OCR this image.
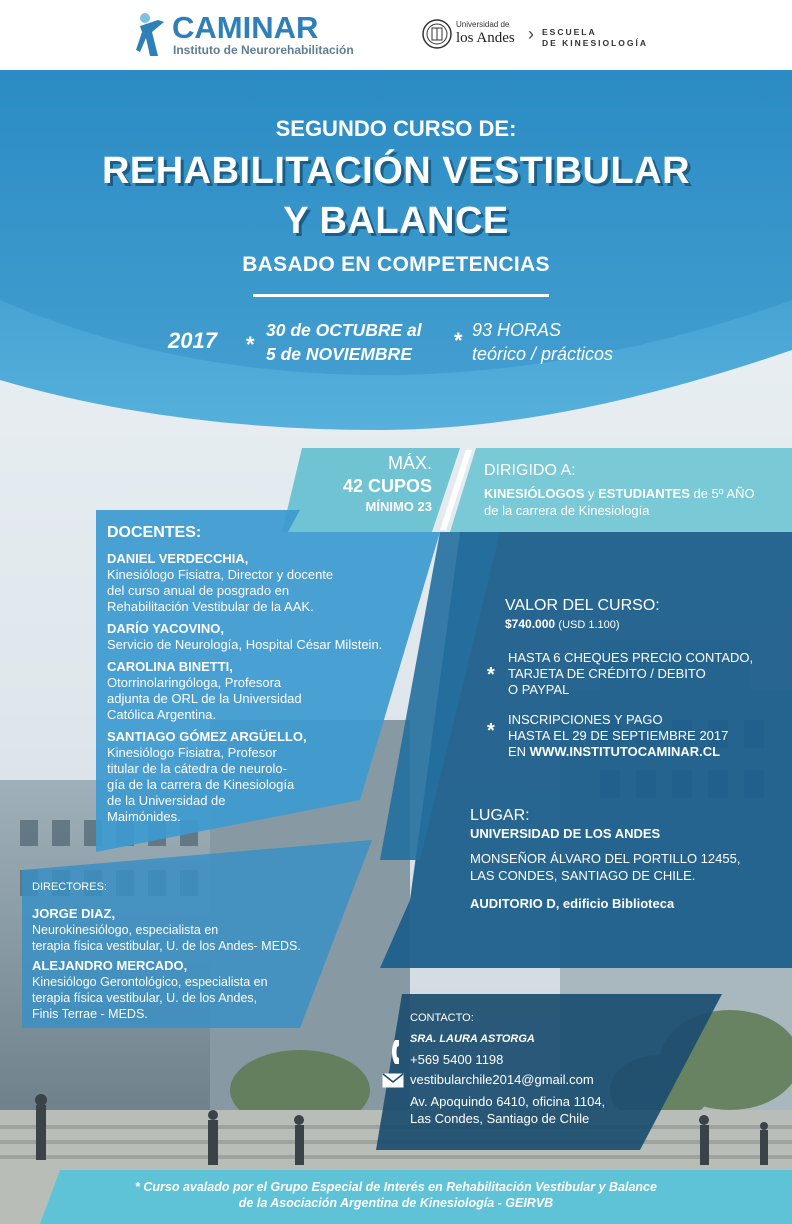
CAMINAR
Instituto de Neurorehabilitación
Universidad de
los Andes › ESCUELA
DE KINESIOLOGÍA
SEGUNDO CURSO DE:
REHABILITACIÓN VESTIBULAR
Y BALANCE
BASADO EN COMPETENCIAS
2017 *
30 de OCTUBRE al
5 de NOVIEMBRE
* 93 HORAS
teórico / prácticos
MÁX.
42 CUPOS
MÍNIMO 23
DIRIGIDO A:
KINESIÓLOGOS y ESTUDIANTES de 5º AÑO
de la carrera de Kinesiología
DOCENTES:
DANIEL VERDECCHIA,
Kinesiólogo Fisiatra, Director y docente
del curso anual de posgrado en
Rehabilitación Vestibular de la AAK.
DARÍO YACOVINO,
Servicio de Neurología, Hospital César Milstein.
CAROLINA BINETTI,
Otorrinolaringóloga, Profesora
adjunta de ORL de la Universidad
Católica Argentina.
SANTIAGO GÓMEZ ARGÜELLO,
Kinesiólogo Fisiatra, Profesor
titular de la cátedra de neurolo-
gía de la carrera de Kinesiología
de la Universidad de
Maimónides.
VALOR DEL CURSO:
$740.000 (USD 1.100)
*
HASTA 6 CHEQUES PRECIO CONTADO,
TARJETA DE CRÉDITO / DEBITO
O PAYPAL
*
INSCRIPCIONES Y PAGO
HASTA EL 29 DE SEPTIEMBRE 2017
EN WWW.INSTITUTOCAMINAR.CL
LUGAR:
UNIVERSIDAD DE LOS ANDES
MONSEÑOR ÁLVARO DEL PORTILLO 12455,
LAS CONDES, SANTIAGO DE CHILE.
AUDITORIO D, edificio Biblioteca
DIRECTORES:
JORGE DIAZ,
Neurokinesiólogo, especialista en
terapia física vestibular, U. de los Andes- MEDS.
ALEJANDRO MERCADO,
Kinesiólogo Gerontológico, especialista en
terapia física vestibular, U. de los Andes,
Finis Terrae - MEDS.	CONTACTO:
SRA. LAURA ASTORGA
+569 5400 1198
vestibularchile2014@gmail.com
Av. Apoquindo 6410, oficina 1104,
Las Condes, Santiago de Chile
* Curso avalado por el Grupo Especial de Interés en Rehabilitación Vestibular y Balance
de la Asociación Argentina de Kinesiología - GEIRVB
